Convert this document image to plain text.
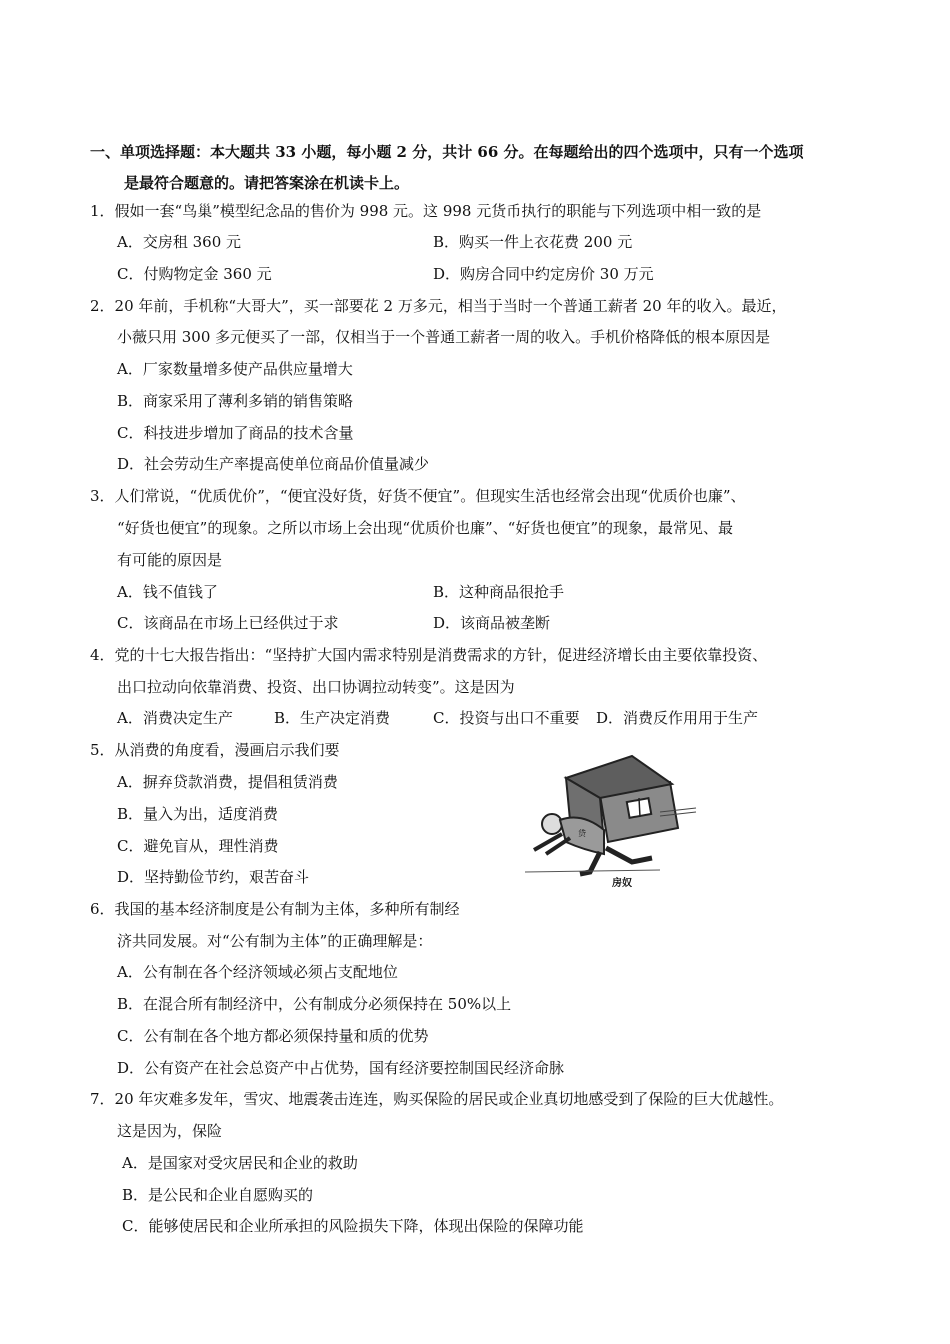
一、单项选择题：本大题共 33 小题，每小题 2 分，共计 66 分。在每题给出的四个选项中，只有一个选项
是最符合题意的。请把答案涂在机读卡上。
1．假如一套“鸟巢”模型纪念品的售价为 998 元。这 998 元货币执行的职能与下列选项中相一致的是
A．交房租 360 元	B．购买一件上衣花费 200 元
C．付购物定金 360 元	D．购房合同中约定房价 30 万元
2．20 年前，手机称“大哥大”，买一部要花 2 万多元，相当于当时一个普通工薪者 20 年的收入。最近，
小薇只用 300 多元便买了一部，仅相当于一个普通工薪者一周的收入。手机价格降低的根本原因是
A．厂家数量增多使产品供应量增大
B．商家采用了薄利多销的销售策略
C．科技进步增加了商品的技术含量
D．社会劳动生产率提高使单位商品价值量减少
3．人们常说，“优质优价”，“便宜没好货，好货不便宜”。但现实生活也经常会出现“优质价也廉”、
“好货也便宜”的现象。之所以市场上会出现“优质价也廉”、“好货也便宜”的现象，最常见、最
有可能的原因是
A．钱不值钱了	B．这种商品很抢手
C．该商品在市场上已经供过于求	D．该商品被垄断
4．党的十七大报告指出：“坚持扩大国内需求特别是消费需求的方针，促进经济增长由主要依靠投资、
出口拉动向依靠消费、投资、出口协调拉动转变”。这是因为
A．消费决定生产	B．生产决定消费	C．投资与出口不重要 D．消费反作用用于生产
5．从消费的角度看，漫画启示我们要
A．摒弃贷款消费，提倡租赁消费
B．量入为出，适度消费
C．避免盲从，理性消费
D．坚持勤俭节约，艰苦奋斗
贷
房奴
6．我国的基本经济制度是公有制为主体，多种所有制经
济共同发展。对“公有制为主体”的正确理解是：
A．公有制在各个经济领域必须占支配地位
B．在混合所有制经济中，公有制成分必须保持在 50%以上
C．公有制在各个地方都必须保持量和质的优势
D．公有资产在社会总资产中占优势，国有经济要控制国民经济命脉
7．20 年灾难多发年，雪灾、地震袭击连连，购买保险的居民或企业真切地感受到了保险的巨大优越性。
这是因为，保险
A．是国家对受灾居民和企业的救助
B．是公民和企业自愿购买的
C．能够使居民和企业所承担的风险损失下降，体现出保险的保障功能
